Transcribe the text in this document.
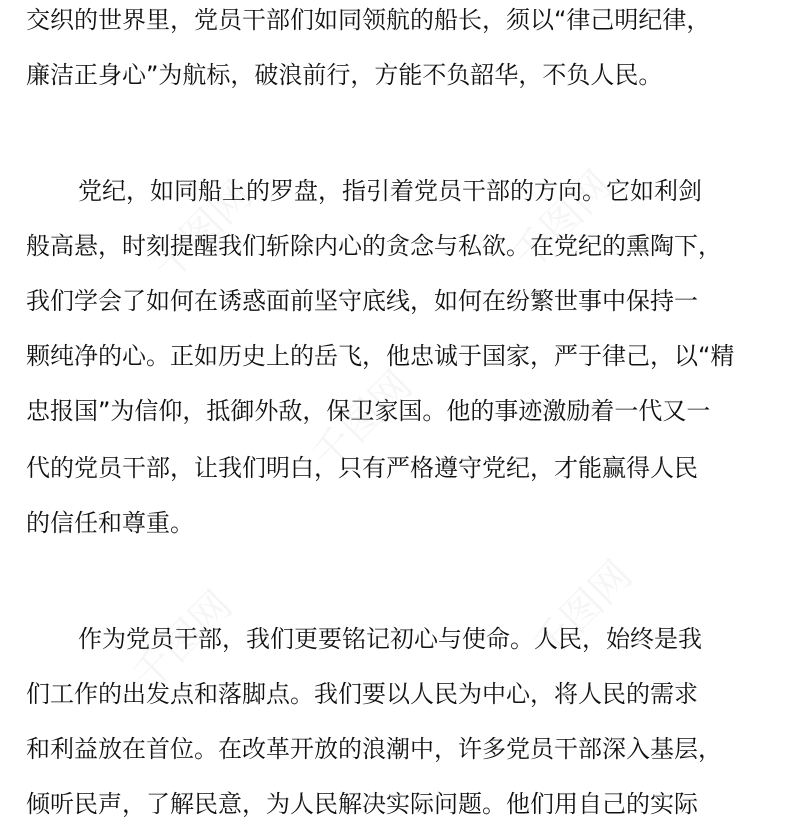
千图网	千图网
千图网
千图网	千图网
交织的世界里，党员干部们如同领航的船长，须以“律己明纪律，
廉洁正身心”为航标，破浪前行，方能不负韶华，不负人民。
党纪，如同船上的罗盘，指引着党员干部的方向。它如利剑
般高悬，时刻提醒我们斩除内心的贪念与私欲。在党纪的熏陶下，
我们学会了如何在诱惑面前坚守底线，如何在纷繁世事中保持一
颗纯净的心。正如历史上的岳飞，他忠诚于国家，严于律己，以“精
忠报国”为信仰，抵御外敌，保卫家国。他的事迹激励着一代又一
代的党员干部，让我们明白，只有严格遵守党纪，才能赢得人民
的信任和尊重。
作为党员干部，我们更要铭记初心与使命。人民，始终是我
们工作的出发点和落脚点。我们要以人民为中心，将人民的需求
和利益放在首位。在改革开放的浪潮中，许多党员干部深入基层，
倾听民声，了解民意，为人民解决实际问题。他们用自己的实际
